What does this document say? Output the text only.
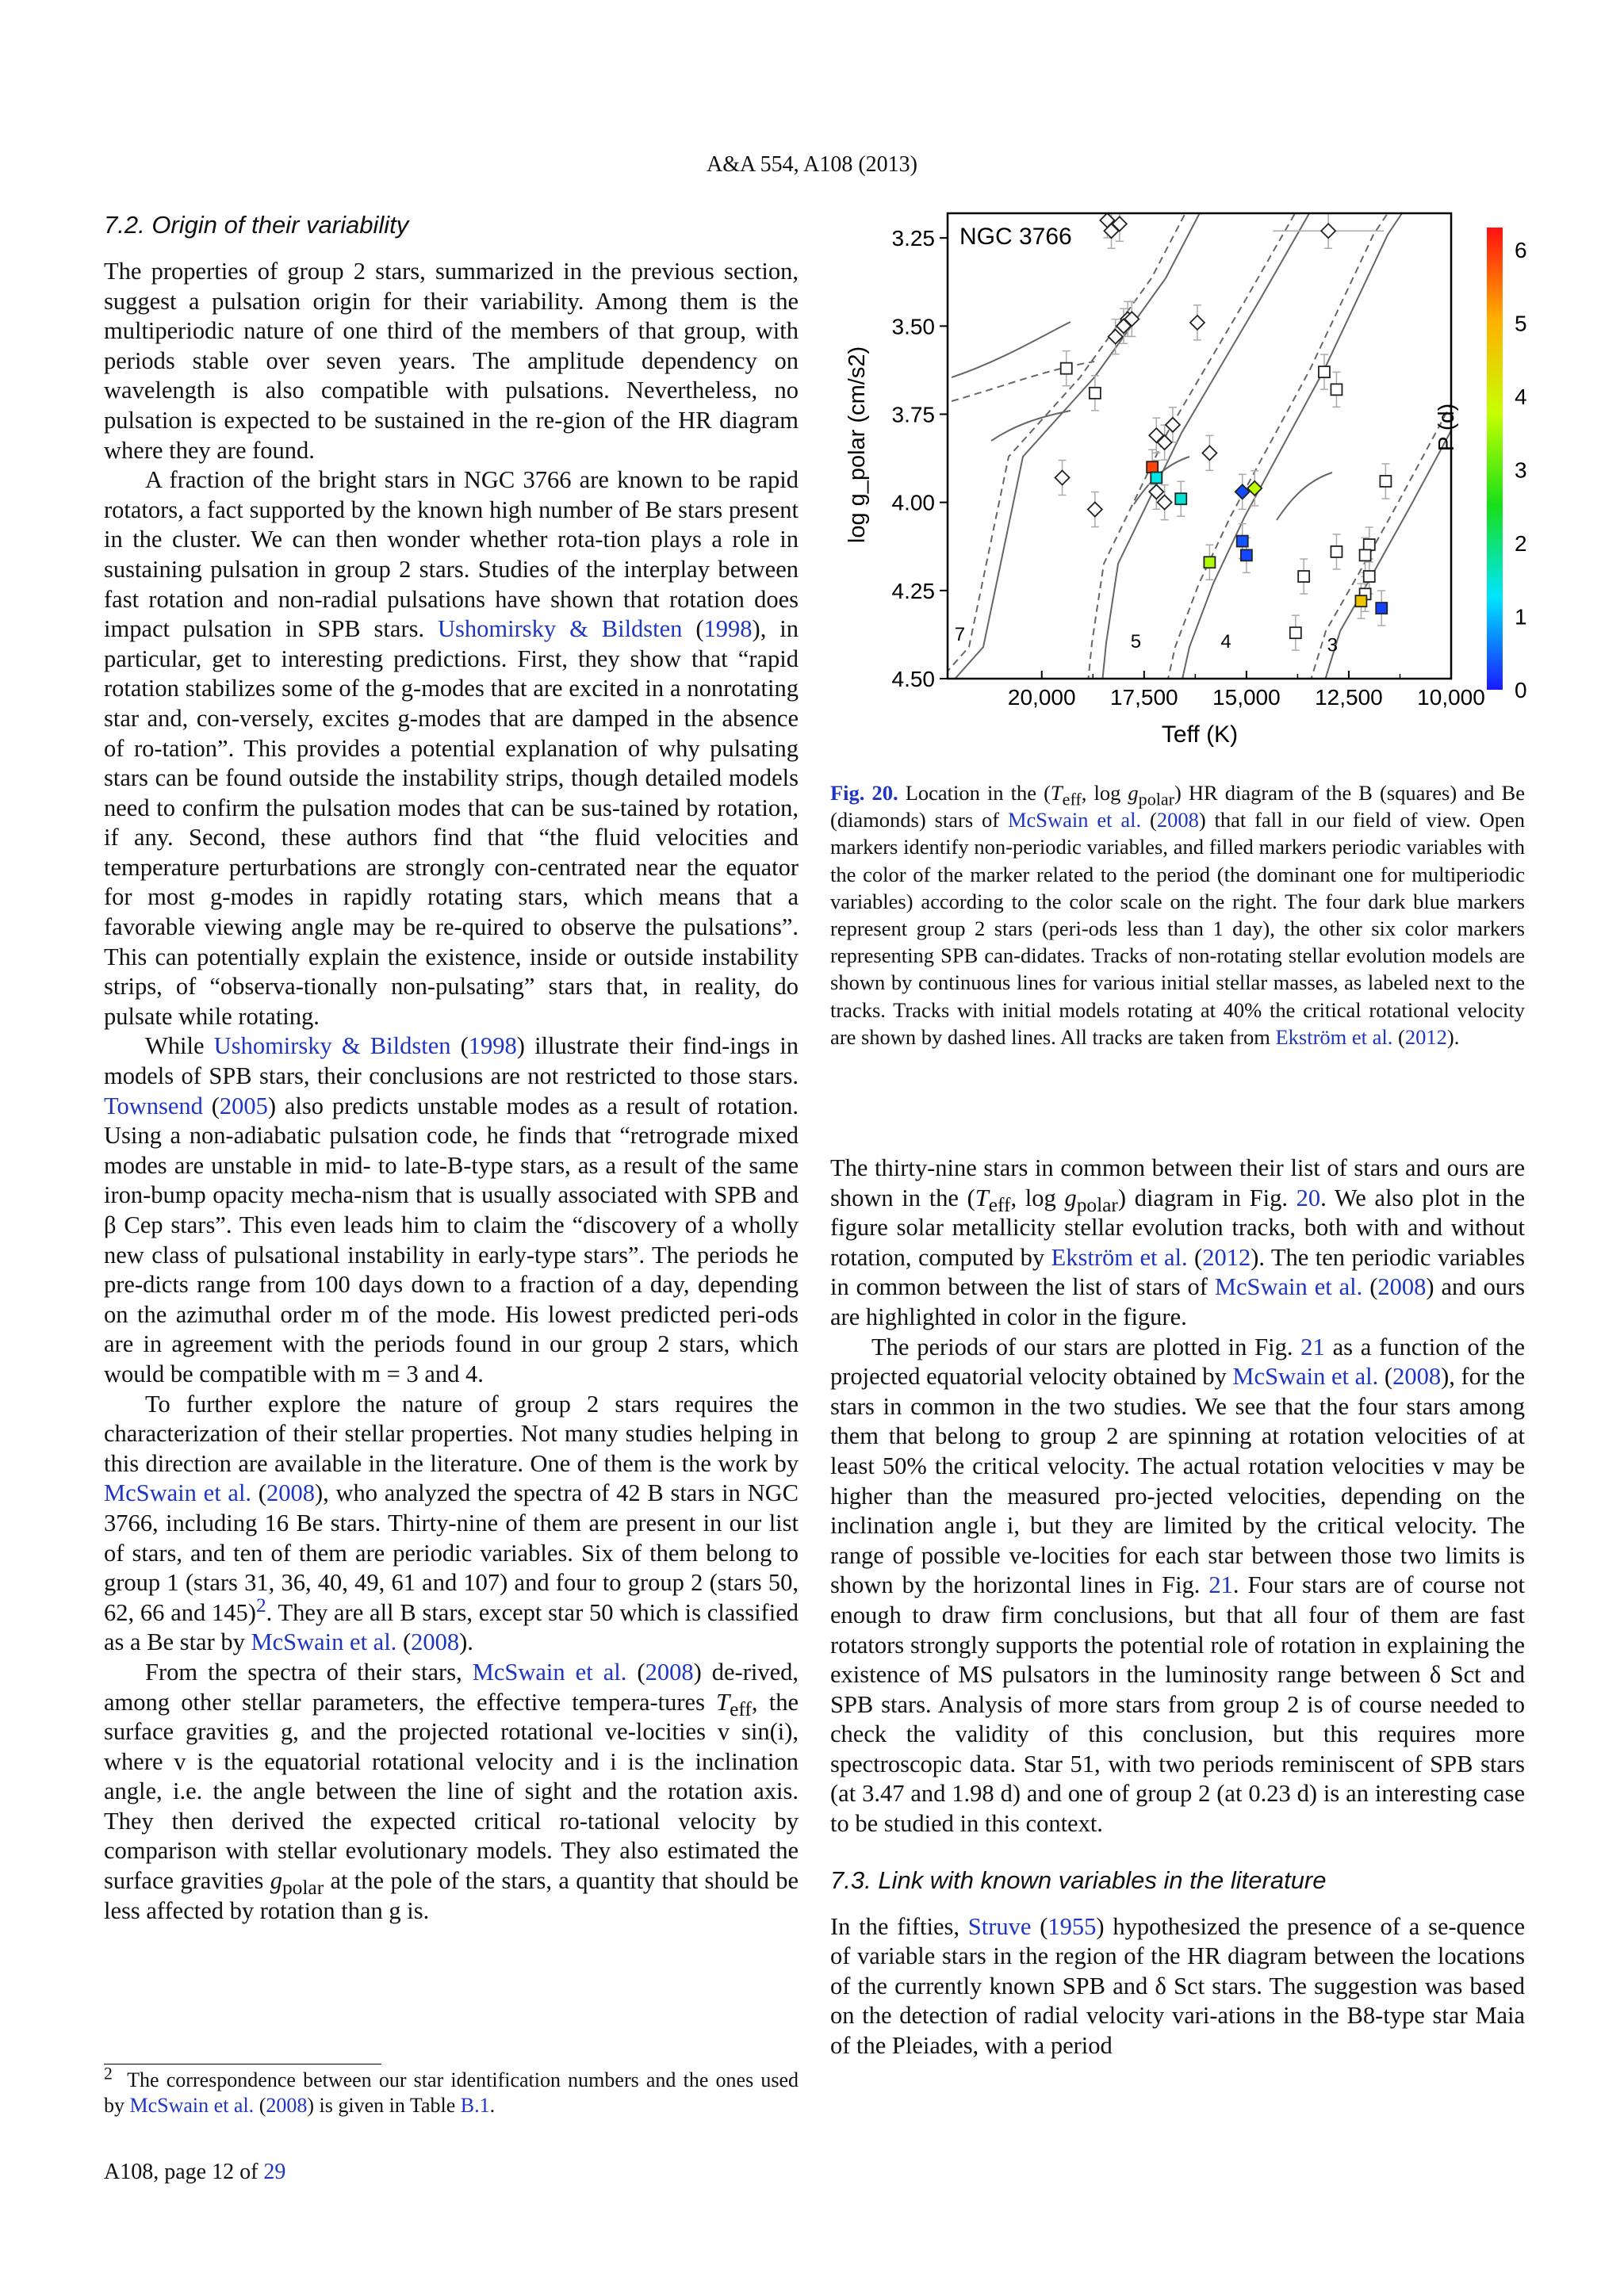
A&A 554, A108 (2013)
7.2. Origin of their variability

The properties of group 2 stars, summarized in the previous section, suggest a pulsation origin for their variability. Among them is the multiperiodic nature of one third of the members of that group, with periods stable over seven years. The amplitude dependency on wavelength is also compatible with pulsations. Nevertheless, no pulsation is expected to be sustained in the re-gion of the HR diagram where they are found.

A fraction of the bright stars in NGC 3766 are known to be rapid rotators, a fact supported by the known high number of Be stars present in the cluster. We can then wonder whether rota-tion plays a role in sustaining pulsation in group 2 stars. Studies of the interplay between fast rotation and non-radial pulsations have shown that rotation does impact pulsation in SPB stars. Ushomirsky & Bildsten (1998), in particular, get to interesting predictions. First, they show that “rapid rotation stabilizes some of the g-modes that are excited in a nonrotating star and, con-versely, excites g-modes that are damped in the absence of ro-tation”. This provides a potential explanation of why pulsating stars can be found outside the instability strips, though detailed models need to confirm the pulsation modes that can be sus-tained by rotation, if any. Second, these authors find that “the fluid velocities and temperature perturbations are strongly con-centrated near the equator for most g-modes in rapidly rotating stars, which means that a favorable viewing angle may be re-quired to observe the pulsations”. This can potentially explain the existence, inside or outside instability strips, of “observa-tionally non-pulsating” stars that, in reality, do pulsate while rotating.

While Ushomirsky & Bildsten (1998) illustrate their find-ings in models of SPB stars, their conclusions are not restricted to those stars. Townsend (2005) also predicts unstable modes as a result of rotation. Using a non-adiabatic pulsation code, he finds that “retrograde mixed modes are unstable in mid- to late-B-type stars, as a result of the same iron-bump opacity mecha-nism that is usually associated with SPB and β Cep stars”. This even leads him to claim the “discovery of a wholly new class of pulsational instability in early-type stars”. The periods he pre-dicts range from 100 days down to a fraction of a day, depending on the azimuthal order m of the mode. His lowest predicted peri-ods are in agreement with the periods found in our group 2 stars, which would be compatible with m = 3 and 4.

To further explore the nature of group 2 stars requires the characterization of their stellar properties. Not many studies helping in this direction are available in the literature. One of them is the work by McSwain et al. (2008), who analyzed the spectra of 42 B stars in NGC 3766, including 16 Be stars. Thirty-nine of them are present in our list of stars, and ten of them are periodic variables. Six of them belong to group 1 (stars 31, 36, 40, 49, 61 and 107) and four to group 2 (stars 50, 62, 66 and 145)$^2$. They are all B stars, except star 50 which is classified as a Be star by McSwain et al. (2008).

From the spectra of their stars, McSwain et al. (2008) de-rived, among other stellar parameters, the effective tempera-tures $T_{eff}$, the surface gravities g, and the projected rotational ve-locities v sin(i), where v is the equatorial rotational velocity and i is the inclination angle, i.e. the angle between the line of sight and the rotation axis. They then derived the expected critical ro-tational velocity by comparison with stellar evolutionary models. They also estimated the surface gravities $g_{polar}$ at the pole of the stars, a quantity that should be less affected by rotation than g is.

$^2$ The correspondence between our star identification numbers and the ones used by McSwain et al. (2008) is given in Table B.1.
A108, page 12 of 29
20,000 17,500 15,000 12,500 10,000
3.25
3.50
3.75
4.00
4.25
4.50
7	5	4	3
NGC 3766
Teff (K)
log g_polar (cm/s2)
0
1
2
3
4
5
6
P (d)
Fig. 20. Location in the ($T_{eff}$, $\log g_{polar}$) HR diagram of the B (squares) and Be (diamonds) stars of McSwain et al. (2008) that fall in our field of view. Open markers identify non-periodic variables, and filled markers periodic variables with the color of the marker related to the period (the dominant one for multiperiodic variables) according to the color scale on the right. The four dark blue markers represent group 2 stars (peri-ods less than 1 day), the other six color markers representing SPB can-didates. Tracks of non-rotating stellar evolution models are shown by continuous lines for various initial stellar masses, as labeled next to the tracks. Tracks with initial models rotating at 40% the critical rotational velocity are shown by dashed lines. All tracks are taken from Ekström et al. (2012).

The thirty-nine stars in common between their list of stars and ours are shown in the ($T_{eff}$, $\log g_{polar}$) diagram in Fig. 20. We also plot in the figure solar metallicity stellar evolution tracks, both with and without rotation, computed by Ekström et al. (2012). The ten periodic variables in common between the list of stars of McSwain et al. (2008) and ours are highlighted in color in the figure.

The periods of our stars are plotted in Fig. 21 as a function of the projected equatorial velocity obtained by McSwain et al. (2008), for the stars in common in the two studies. We see that the four stars among them that belong to group 2 are spinning at rotation velocities of at least 50% the critical velocity. The actual rotation velocities v may be higher than the measured pro-jected velocities, depending on the inclination angle i, but they are limited by the critical velocity. The range of possible ve-locities for each star between those two limits is shown by the horizontal lines in Fig. 21. Four stars are of course not enough to draw firm conclusions, but that all four of them are fast rotators strongly supports the potential role of rotation in explaining the existence of MS pulsators in the luminosity range between δ Sct and SPB stars. Analysis of more stars from group 2 is of course needed to check the validity of this conclusion, but this requires more spectroscopic data. Star 51, with two periods reminiscent of SPB stars (at 3.47 and 1.98 d) and one of group 2 (at 0.23 d) is an interesting case to be studied in this context.

7.3. Link with known variables in the literature

In the fifties, Struve (1955) hypothesized the presence of a se-quence of variable stars in the region of the HR diagram between the locations of the currently known SPB and δ Sct stars. The suggestion was based on the detection of radial velocity vari-ations in the B8-type star Maia of the Pleiades, with a period
